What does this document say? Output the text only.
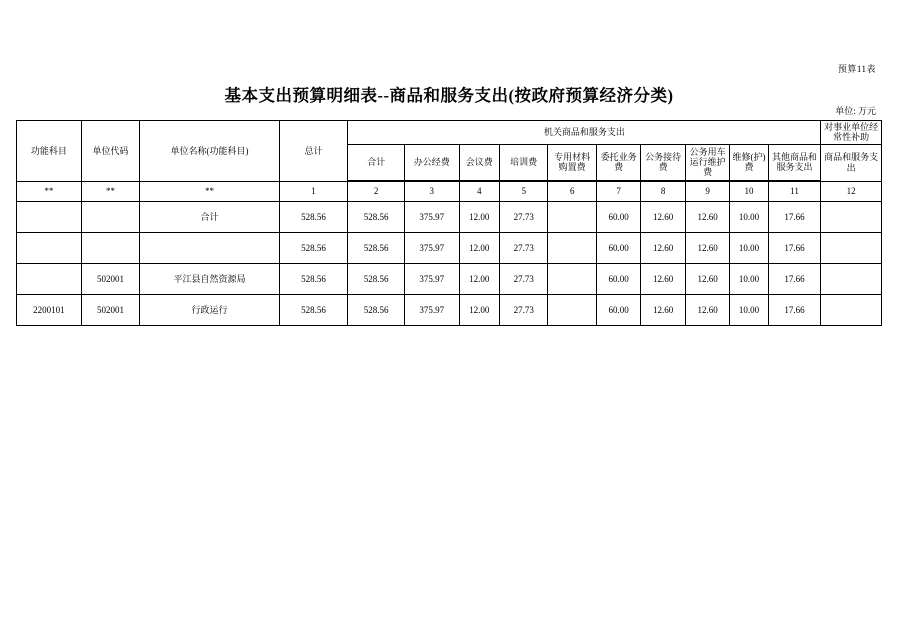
预算11表
基本支出预算明细表--商品和服务支出(按政府预算经济分类)
单位: 万元
功能科目	单位代码	单位名称(功能科目)	总计	机关商品和服务支出										对事业单位经常性补助
				合计	办公经费	会议费	培训费	专用材料购置费	委托业务费	公务接待费	公务用车运行维护费	维修(护)费	其他商品和服务支出	商品和服务支出

**	**	**	1	2	3	4	5	6	7	8	9	10	11	12
		合计	528.56	528.56	375.97	12.00	27.73		60.00	12.60	12.60	10.00	17.66	
			528.56	528.56	375.97	12.00	27.73		60.00	12.60	12.60	10.00	17.66	
	502001	平江县自然资源局	528.56	528.56	375.97	12.00	27.73		60.00	12.60	12.60	10.00	17.66	
2200101	502001	行政运行	528.56	528.56	375.97	12.00	27.73		60.00	12.60	12.60	10.00	17.66	
